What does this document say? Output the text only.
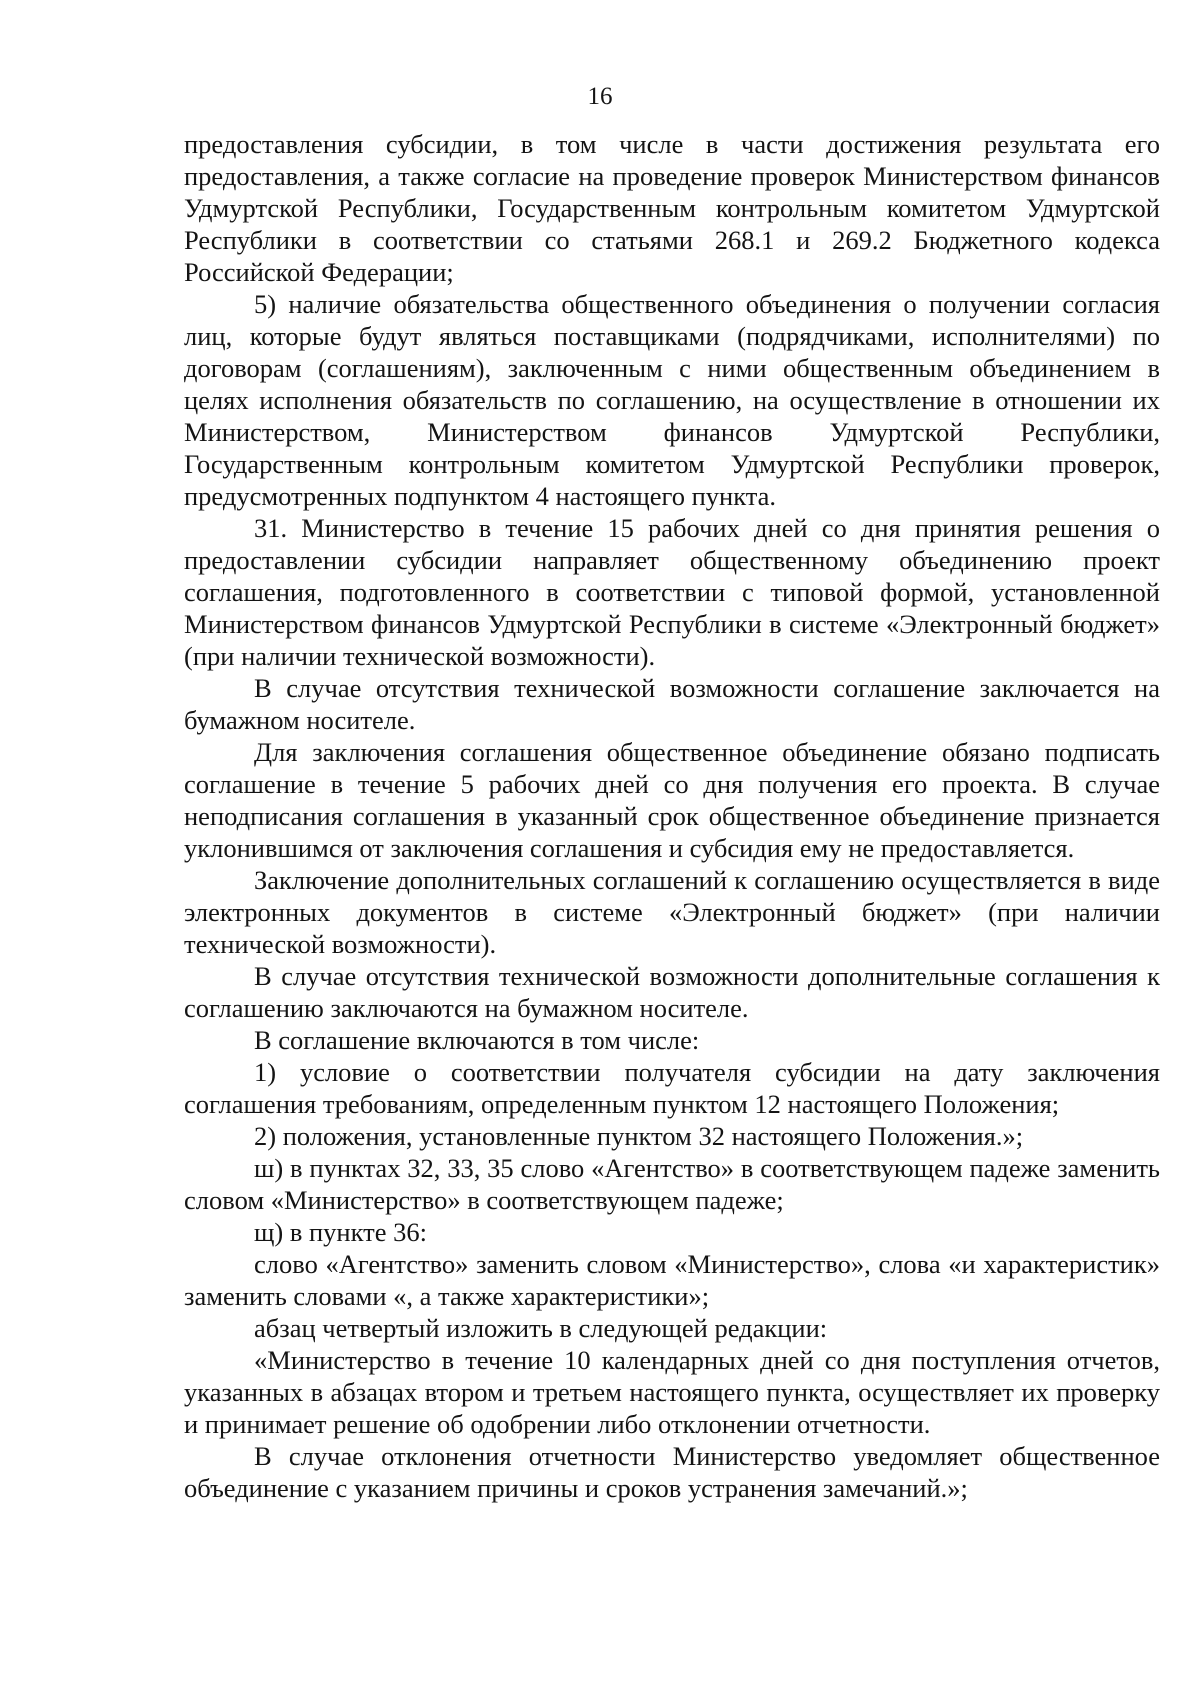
16

предоставления субсидии, в том числе в части достижения результата его предоставления, а также согласие на проведение проверок Министерством финансов Удмуртской Республики, Государственным контрольным комитетом Удмуртской Республики в соответствии со статьями 268.1 и 269.2 Бюджетного кодекса Российской Федерации;

5) наличие обязательства общественного объединения о получении согласия лиц, которые будут являться поставщиками (подрядчиками, исполнителями) по договорам (соглашениям), заключенным с ними общественным объединением в целях исполнения обязательств по соглашению, на осуществление в отношении их Министерством, Министерством финансов Удмуртской Республики, Государственным контрольным комитетом Удмуртской Республики проверок, предусмотренных подпунктом 4 настоящего пункта.

31. Министерство в течение 15 рабочих дней со дня принятия решения о предоставлении субсидии направляет общественному объединению проект соглашения, подготовленного в соответствии с типовой формой, установленной Министерством финансов Удмуртской Республики в системе «Электронный бюджет» (при наличии технической возможности).

В случае отсутствия технической возможности соглашение заключается на бумажном носителе.

Для заключения соглашения общественное объединение обязано подписать соглашение в течение 5 рабочих дней со дня получения его проекта. В случае неподписания соглашения в указанный срок общественное объединение признается уклонившимся от заключения соглашения и субсидия ему не предоставляется.

Заключение дополнительных соглашений к соглашению осуществляется в виде электронных документов в системе «Электронный бюджет» (при наличии технической возможности).

В случае отсутствия технической возможности дополнительные соглашения к соглашению заключаются на бумажном носителе.

В соглашение включаются в том числе:

1) условие о соответствии получателя субсидии на дату заключения соглашения требованиям, определенным пунктом 12 настоящего Положения;

2) положения, установленные пунктом 32 настоящего Положения.»;

ш) в пунктах 32, 33, 35 слово «Агентство» в соответствующем падеже заменить словом «Министерство» в соответствующем падеже;

щ) в пункте 36:

слово «Агентство» заменить словом «Министерство», слова «и характеристик» заменить словами «, а также характеристики»;

абзац четвертый изложить в следующей редакции:

«Министерство в течение 10 календарных дней со дня поступления отчетов, указанных в абзацах втором и третьем настоящего пункта, осуществляет их проверку и принимает решение об одобрении либо отклонении отчетности.

В случае отклонения отчетности Министерство уведомляет общественное объединение с указанием причины и сроков устранения замечаний.»;
